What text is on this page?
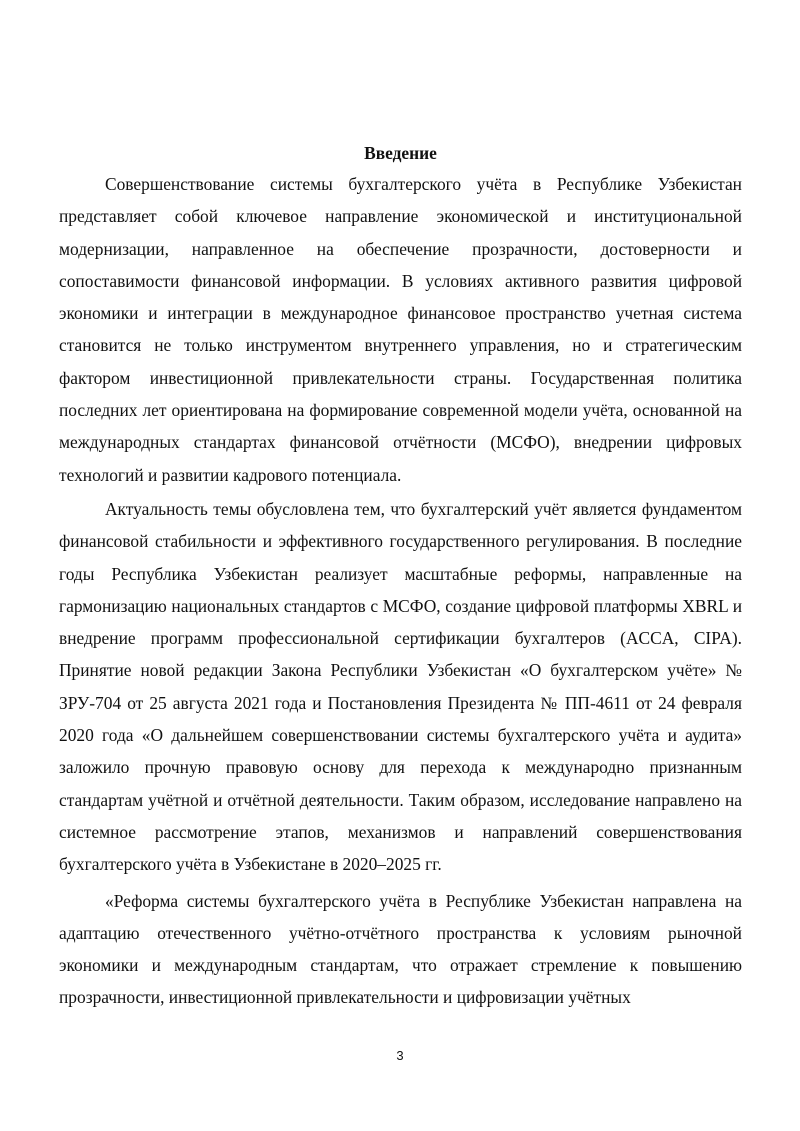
Введение

Совершенствование системы бухгалтерского учёта в Республике Узбекистан представляет собой ключевое направление экономической и институциональной модернизации, направленное на обеспечение прозрачности, достоверности и сопоставимости финансовой информации. В условиях активного развития цифровой экономики и интеграции в международное финансовое пространство учетная система становится не только инструментом внутреннего управления, но и стратегическим фактором инвестиционной привлекательности страны. Государственная политика последних лет ориентирована на формирование современной модели учёта, основанной на международных стандартах финансовой отчётности (МСФО), внедрении цифровых технологий и развитии кадрового потенциала.

Актуальность темы обусловлена тем, что бухгалтерский учёт является фундаментом финансовой стабильности и эффективного государственного регулирования. В последние годы Республика Узбекистан реализует масштабные реформы, направленные на гармонизацию национальных стандартов с МСФО, создание цифровой платформы XBRL и внедрение программ профессиональной сертификации бухгалтеров (ACCA, CIPA). Принятие новой редакции Закона Республики Узбекистан «О бухгалтерском учёте» № ЗРУ-704 от 25 августа 2021 года и Постановления Президента № ПП-4611 от 24 февраля 2020 года «О дальнейшем совершенствовании системы бухгалтерского учёта и аудита» заложило прочную правовую основу для перехода к международно признанным стандартам учётной и отчётной деятельности. Таким образом, исследование направлено на системное рассмотрение этапов, механизмов и направлений совершенствования бухгалтерского учёта в Узбекистане в 2020–2025 гг.

«Реформа системы бухгалтерского учёта в Республике Узбекистан направлена на адаптацию отечественного учётно-отчётного пространства к условиям рыночной экономики и международным стандартам, что отражает стремление к повышению прозрачности, инвестиционной привлекательности и цифровизации учётных

3
